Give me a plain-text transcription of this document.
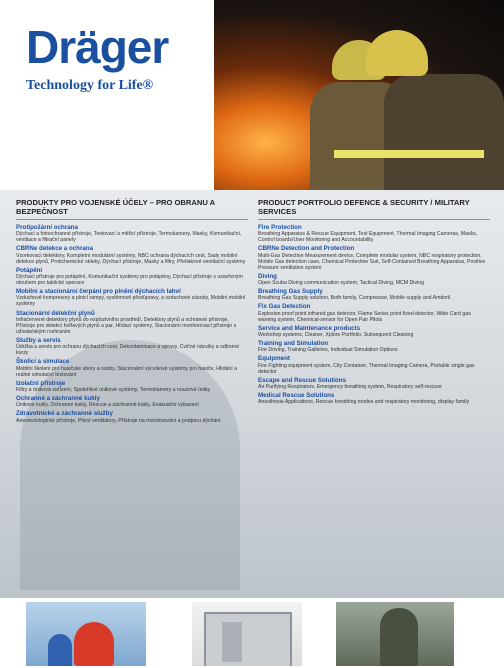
Dräger
Technology for Life®
PRODUKTY PRO VOJENSKÉ ÚČELY – PRO OBRANU A BEZPEČNOST
Protipožární ochrana
Dýchací a fotoochranné přístroje, Testovací a měřicí přístroje, Termokamery, Masky, Komunikační, ventilace a filtrační panely
CBRNe detekce a ochrana
Vzorkovací detektory, Kompletní modulární systémy, NBC ochrana dýchacích cest, Sady mobilní detekce plynů, Protichemické obleky, Dýchací přístroje, Masky a filtry, Přetlakové ventilační systémy
Potápění
Dýchací přístroje pro potápění, Komunikační systémy pro potápěny, Dýchací přístroje s uzavřeným okruhem pro taktické operace
Mobilní a stacionární čerpání pro plnění dýchacích lahví
Vzduchové kompresory a plnicí rampy, systémové předúpravy, a vzduchové zásoby, Mobilní mobilní systémy
Stacionární detekční plynů
Infračervené detektory plynů do explozivního prostředí, Detektory plynů a ochranné přístroje, Přístroje pro detekci hořlavých plynů a par, Hlídací systémy, Stacionární monitorovací přístroje s uživatelským rozhraním
Služby a servis
Údržba a servis pro ochranu dýchacích cest, Dekontaminace a opravy, Cvičné nácviky a odborné kurzy
Školicí a simulace
Mobilní školení pro hasičské sbory a osoby, Stacionární výcvikové systémy pro hasiče, Hlídání a reálné simulační testování
Izolační přístroje
Filtry a úniková zařízení, Spolehlivé únikové systémy, Termokamery a nouzové úniky
Ochranné a záchranné kukly
Únikové kukly, Ochranné kukly, Rescue a záchranné kukly, Evakuační vybavení
Zdravotnické a záchranné služby
Anesteziologické přístroje, Plicní ventilátory, Přístroje na monitorování a podporu dýchání
PRODUCT PORTFOLIO DEFENCE & SECURITY / MILITARY SERVICES
Fire Protection
Breathing Apparatus & Rescue Equipment, Test Equipment, Thermal Imaging Cameras, Masks, Control boards/User Monitoring and Accountability
CBRNe Detection and Protection
Multi-Gas Detection Measurement device, Complete modular system, NBC respiratory protection, Mobile Gas detection case, Chemical Protective Suit, Self-Contained Breathing Apparatus, Positive Pressure ventilation system
Diving
Open Scuba Diving communication system, Tactical Diving, MCM Diving
Breathing Gas Supply
Breathing Gas Supply solution, Both family, Compressor, Mobile supply and Amdoril
Fix Gas Detection
Explosion proof point infrared gas detector, Flame Series point fixed detector, Wide Card gas warning system, Chemical-sensor for Open Pair Pilots
Service and Maintenance products
Workshop systems, Cleaner, Xplore Portfolio, Subsequent Cleaning
Training and Simulation
Fire Driving, Training Galleries, Individual Simulation Options
Equipment
Fire Fighting equipment system, City Container, Thermal Imaging Camera, Portable single gas detector
Escape and Rescue Solutions
Air Purifying Respirators, Emergency breathing system, Respiratory self-rescuer
Medical Rescue Solutions
Anesthesia Applications, Rescue breathing modes and respiratory monitoring, display family
